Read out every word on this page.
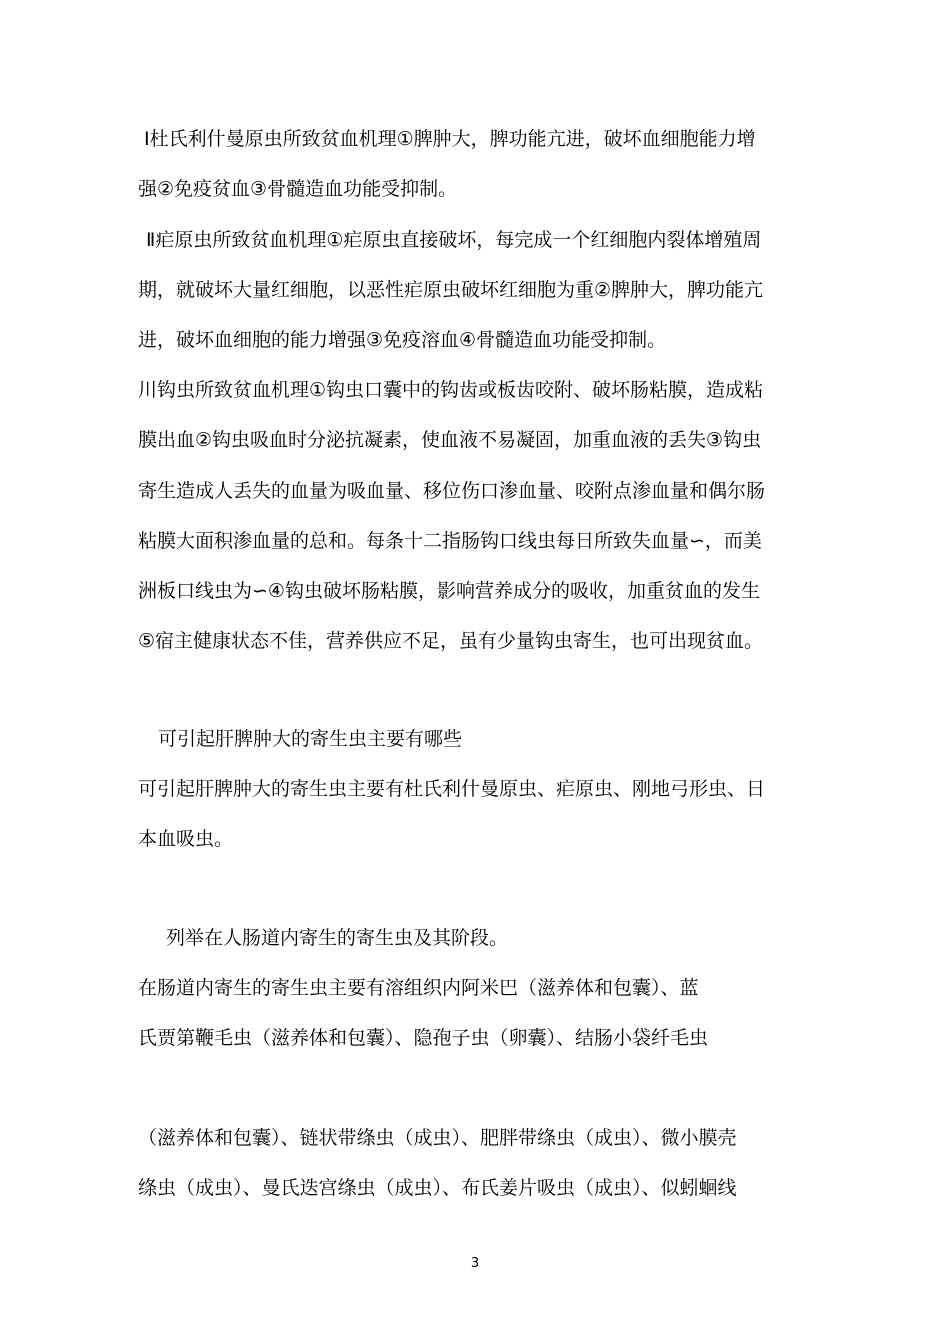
Ⅰ杜氏利什曼原虫所致贫血机理①脾肿大，脾功能亢进，破坏血细胞能力增
强②免疫贫血③骨髓造血功能受抑制。
Ⅱ疟原虫所致贫血机理①疟原虫直接破坏，每完成一个红细胞内裂体增殖周
期，就破坏大量红细胞，以恶性疟原虫破坏红细胞为重②脾肿大，脾功能亢
进，破坏血细胞的能力增强③免疫溶血④骨髓造血功能受抑制。
川钩虫所致贫血机理①钩虫口囊中的钩齿或板齿咬附、破坏肠粘膜，造成粘
膜出血②钩虫吸血时分泌抗凝素，使血液不易凝固，加重血液的丢失③钩虫
寄生造成人丢失的血量为吸血量、移位伤口渗血量、咬附点渗血量和偶尔肠
粘膜大面积渗血量的总和。每条十二指肠钩口线虫每日所致失血量∽，而美
洲板口线虫为∽④钩虫破坏肠粘膜，影响营养成分的吸收，加重贫血的发生
⑤宿主健康状态不佳，营养供应不足，虽有少量钩虫寄生，也可出现贫血。
可引起肝脾肿大的寄生虫主要有哪些
可引起肝脾肿大的寄生虫主要有杜氏利什曼原虫、疟原虫、刚地弓形虫、日
本血吸虫。
列举在人肠道内寄生的寄生虫及其阶段。
在肠道内寄生的寄生虫主要有溶组织内阿米巴（滋养体和包囊）、蓝
氏贾第鞭毛虫（滋养体和包囊）、隐孢子虫（卵囊）、结肠小袋纤毛虫
（滋养体和包囊）、链状带绦虫（成虫）、肥胖带绦虫（成虫）、微小膜壳
绦虫（成虫）、曼氏迭宫绦虫（成虫）、布氏姜片吸虫（成虫）、似蚓蛔线
3
